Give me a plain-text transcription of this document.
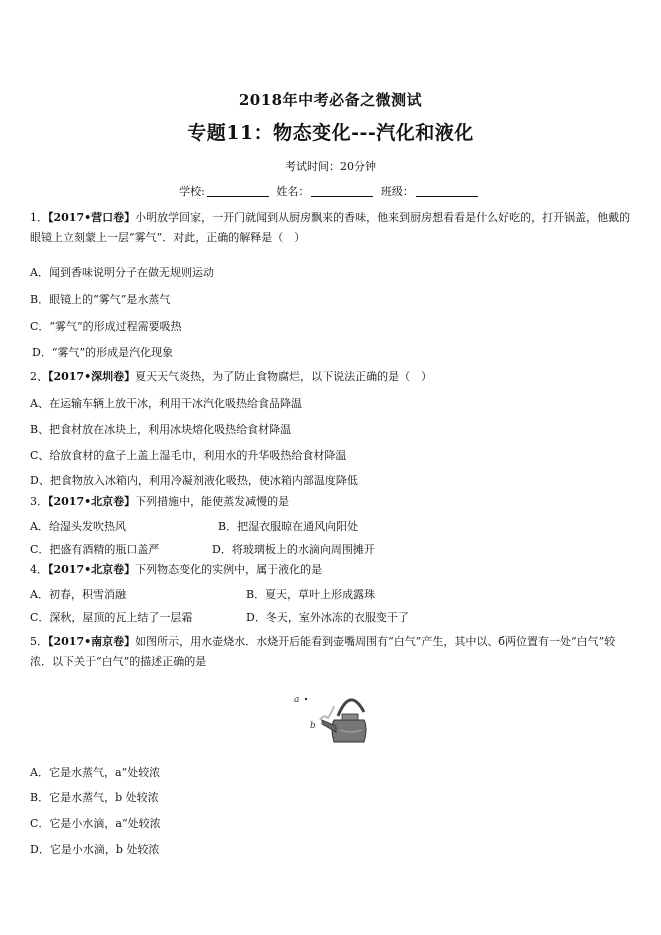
2018年中考必备之微测试
专题11：物态变化---汽化和液化
考试时间：20分钟
学校:	姓名：	班级：
1．【2017•营口卷】小明放学回家，一开门就闻到从厨房飘来的香味，他来到厨房想看看是什么好吃的，打开锅盖，他戴的眼镜上立刻蒙上一层“雾气”．对此，正确的解释是（　）
A．闻到香味说明分子在做无规则运动
B．眼镜上的“雾气”是水蒸气
C．“雾气”的形成过程需要吸热
D．“雾气”的形成是汽化现象
2、【2017•深圳卷】夏天天气炎热，为了防止食物腐烂，以下说法正确的是（　）
A、在运输车辆上放干冰，利用干冰汽化吸热给食品降温
B、把食材放在冰块上，利用冰块熔化吸热给食材降温
C、给放食材的盒子上盖上湿毛巾，利用水的升华吸热给食材降温
D、把食物放入冰箱内，利用冷凝剂液化吸热，使冰箱内部温度降低
3．【2017•北京卷】下列措施中，能使蒸发减慢的是
A．给湿头发吹热风	B．把湿衣服晾在通风向阳处
C．把盛有酒精的瓶口盖严	D．将玻璃板上的水滴向周围摊开
4．【2017•北京卷】下列物态变化的实例中，属于液化的是
A．初春，积雪消融	B．夏天，草叶上形成露珠
C．深秋，屋顶的瓦上结了一层霜	D．冬天，室外冰冻的衣服变干了
5．【2017•南京卷】如图所示，用水壶烧水．水烧开后能看到壶嘴周围有“白气”产生，其中以、б两位置有一处“白气”较浓．以下关于“白气”的描述正确的是
a
b
A．它是水蒸气，a“处较浓
B．它是水蒸气，b 处较浓
C．它是小水滴，a“处较浓
D．它是小水滴，b 处较浓
